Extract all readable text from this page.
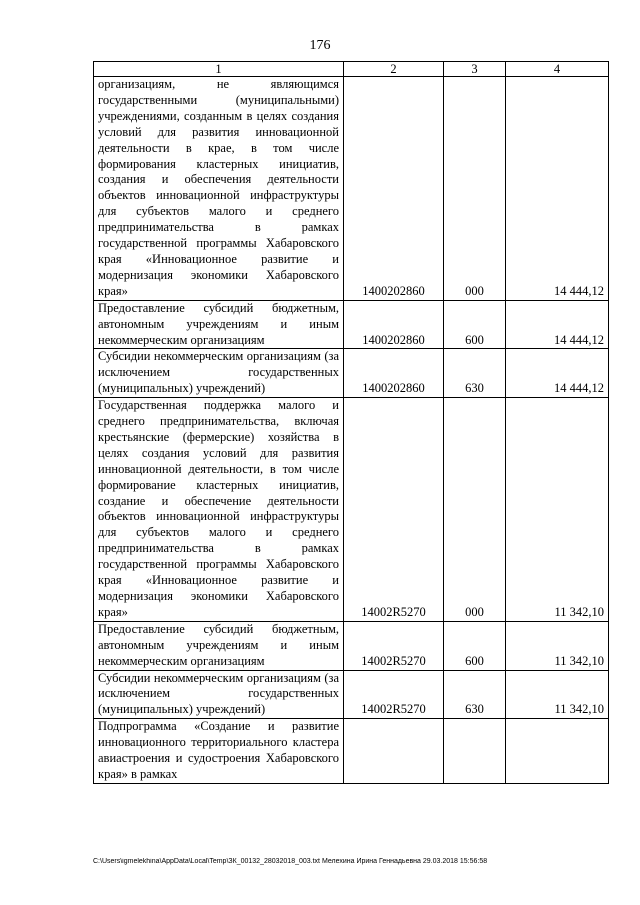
176
1	2	3	4
организациям, не являющимся государственными (муниципальными) учреждениями, созданным в целях создания условий для развития инновационной деятельности в крае, в том числе формирования кластерных инициатив, создания и обеспечения деятельности объектов инновационной инфраструктуры для субъектов малого и среднего предпринимательства в рамках государственной программы Хабаровского края «Инновационное развитие и модернизация экономики Хабаровского края»	1400202860	000	14 444,12
Предоставление субсидий бюджетным, автономным учреждениям и иным некоммерческим организациям	1400202860	600	14 444,12
Субсидии некоммерческим организациям (за исключением государственных (муниципальных) учреждений)	1400202860	630	14 444,12
Государственная поддержка малого и среднего предпринимательства, включая крестьянские (фермерские) хозяйства в целях создания условий для развития инновационной деятельности, в том числе формирование кластерных инициатив, создание и обеспечение деятельности объектов инновационной инфраструктуры для субъектов малого и среднего предпринимательства в рамках государственной программы Хабаровского края «Инновационное развитие и модернизация экономики Хабаровского края»	14002R5270	000	11 342,10
Предоставление субсидий бюджетным, автономным учреждениям и иным некоммерческим организациям	14002R5270	600	11 342,10
Субсидии некоммерческим организациям (за исключением государственных (муниципальных) учреждений)	14002R5270	630	11 342,10
Подпрограмма «Создание и развитие инновационного территориального кластера авиастроения и судостроения Хабаровского края» в рамках			
C:\Users\igmelekhina\AppData\Local\Temp\ЗК_00132_28032018_003.txt Мелехина Ирина Геннадьевна 29.03.2018 15:56:58
